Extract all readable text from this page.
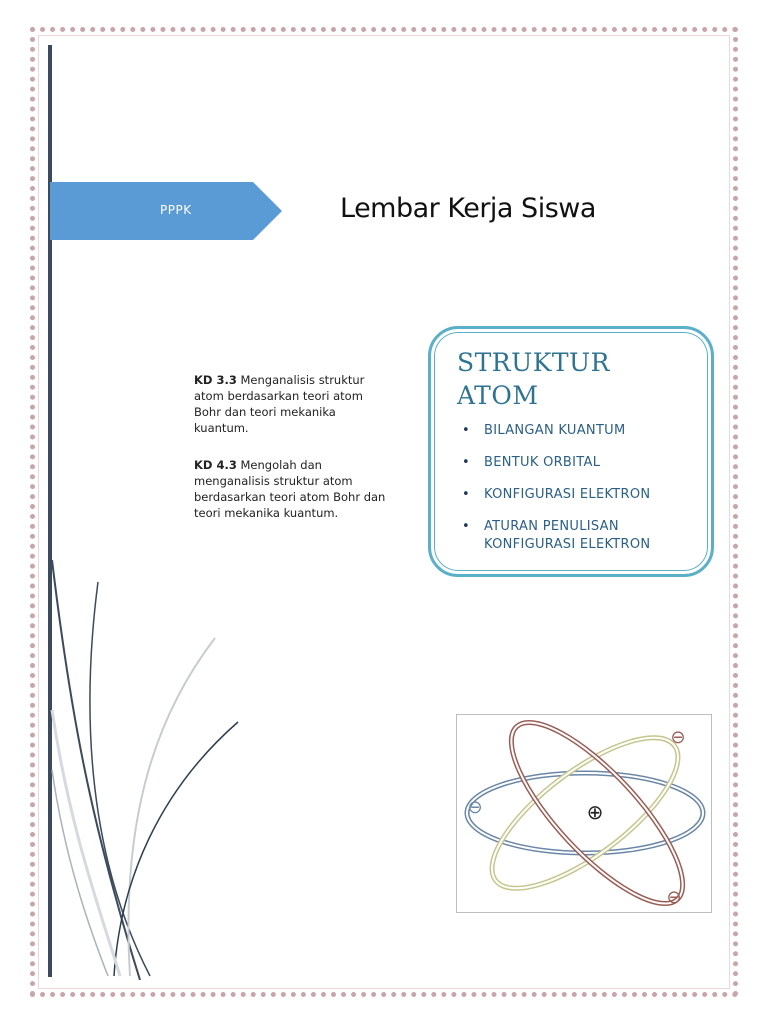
PPPK	Lembar Kerja Siswa
KD 3.3 Menganalisis struktur atom berdasarkan teori atom Bohr dan teori mekanika kuantum.
KD 4.3 Mengolah dan menganalisis struktur atom berdasarkan teori atom Bohr dan teori mekanika kuantum.
STRUKTUR ATOM
• BILANGAN KUANTUM
• BENTUK ORBITAL
• KONFIGURASI ELEKTRON
• ATURAN PENULISAN KONFIGURASI ELEKTRON
⊕
⊖
⊖
⊖
